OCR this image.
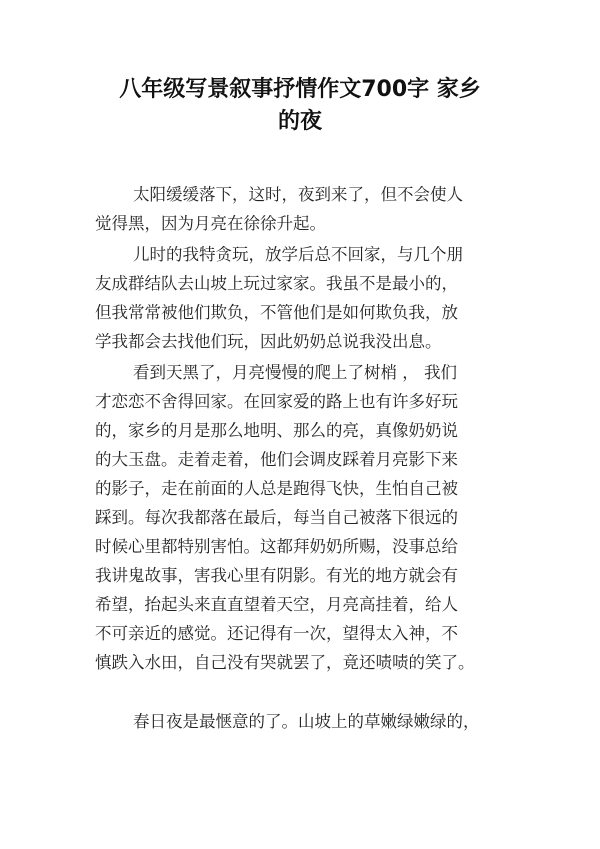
八年级写景叙事抒情作文700字 家乡
的夜

太阳缓缓落下，这时，夜到来了，但不会使人
觉得黑，因为月亮在徐徐升起。

儿时的我特贪玩，放学后总不回家，与几个朋
友成群结队去山坡上玩过家家。我虽不是最小的，
但我常常被他们欺负，不管他们是如何欺负我，放
学我都会去找他们玩，因此奶奶总说我没出息。

看到天黑了，月亮慢慢的爬上了树梢 ， 我们
才恋恋不舍得回家。在回家爱的路上也有许多好玩
的，家乡的月是那么地明、那么的亮，真像奶奶说
的大玉盘。走着走着，他们会调皮踩着月亮影下来
的影子，走在前面的人总是跑得飞快，生怕自己被
踩到。每次我都落在最后，每当自己被落下很远的
时候心里都特别害怕。这都拜奶奶所赐，没事总给
我讲鬼故事，害我心里有阴影。有光的地方就会有
希望，抬起头来直直望着天空，月亮高挂着，给人
不可亲近的感觉。还记得有一次，望得太入神，不
慎跌入水田，自己没有哭就罢了，竟还啧啧的笑了。

春日夜是最惬意的了。山坡上的草嫩绿嫩绿的，
